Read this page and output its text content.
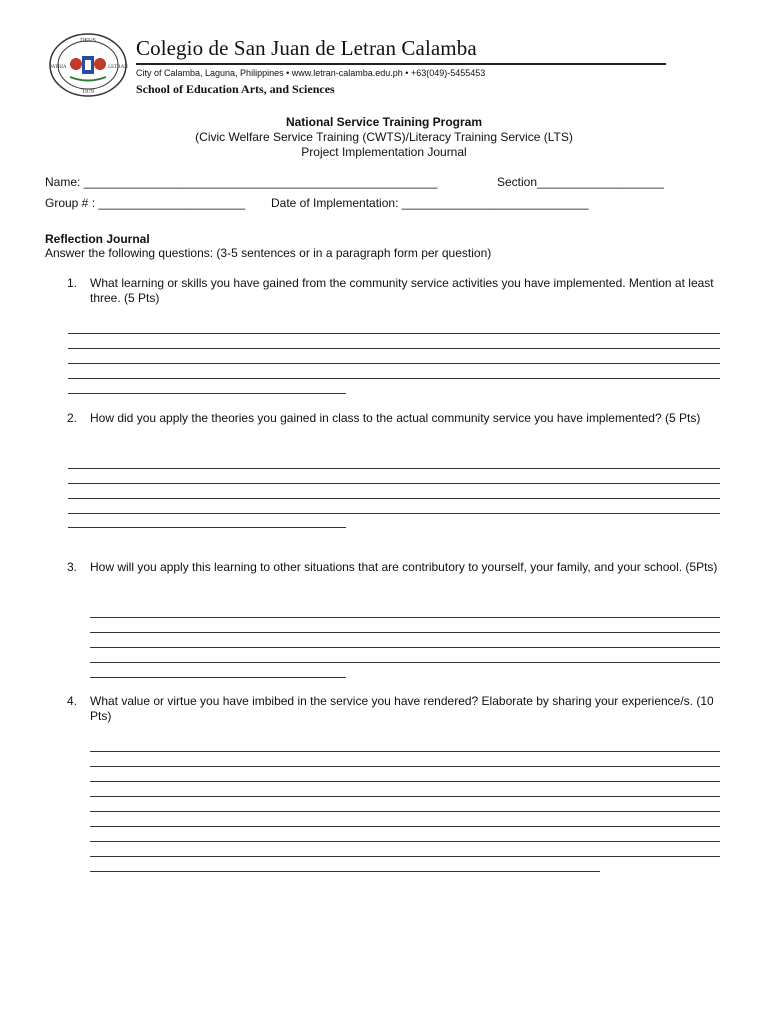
DEUS
PATRIA	LETRAN
1979
Colegio de San Juan de Letran Calamba
City of Calamba, Laguna, Philippines • www.letran-calamba.edu.ph • +63(049)-5455453
School of Education Arts, and Sciences
National Service Training Program
(Civic Welfare Service Training (CWTS)/Literacy Training Service (LTS)
Project Implementation Journal
Name: _____________________________________________________	Section___________________
Group # : ______________________ Date of Implementation: ____________________________
Reflection Journal
Answer the following questions: (3-5 sentences or in a paragraph form per question)
1. What learning or skills you have gained from the community service activities you have implemented. Mention at least three. (5 Pts)
2. How did you apply the theories you gained in class to the actual community service you have implemented? (5 Pts)
3. How will you apply this learning to other situations that are contributory to yourself, your family, and your school. (5Pts)
4. What value or virtue you have imbibed in the service you have rendered? Elaborate by sharing your experience/s. (10 Pts)
